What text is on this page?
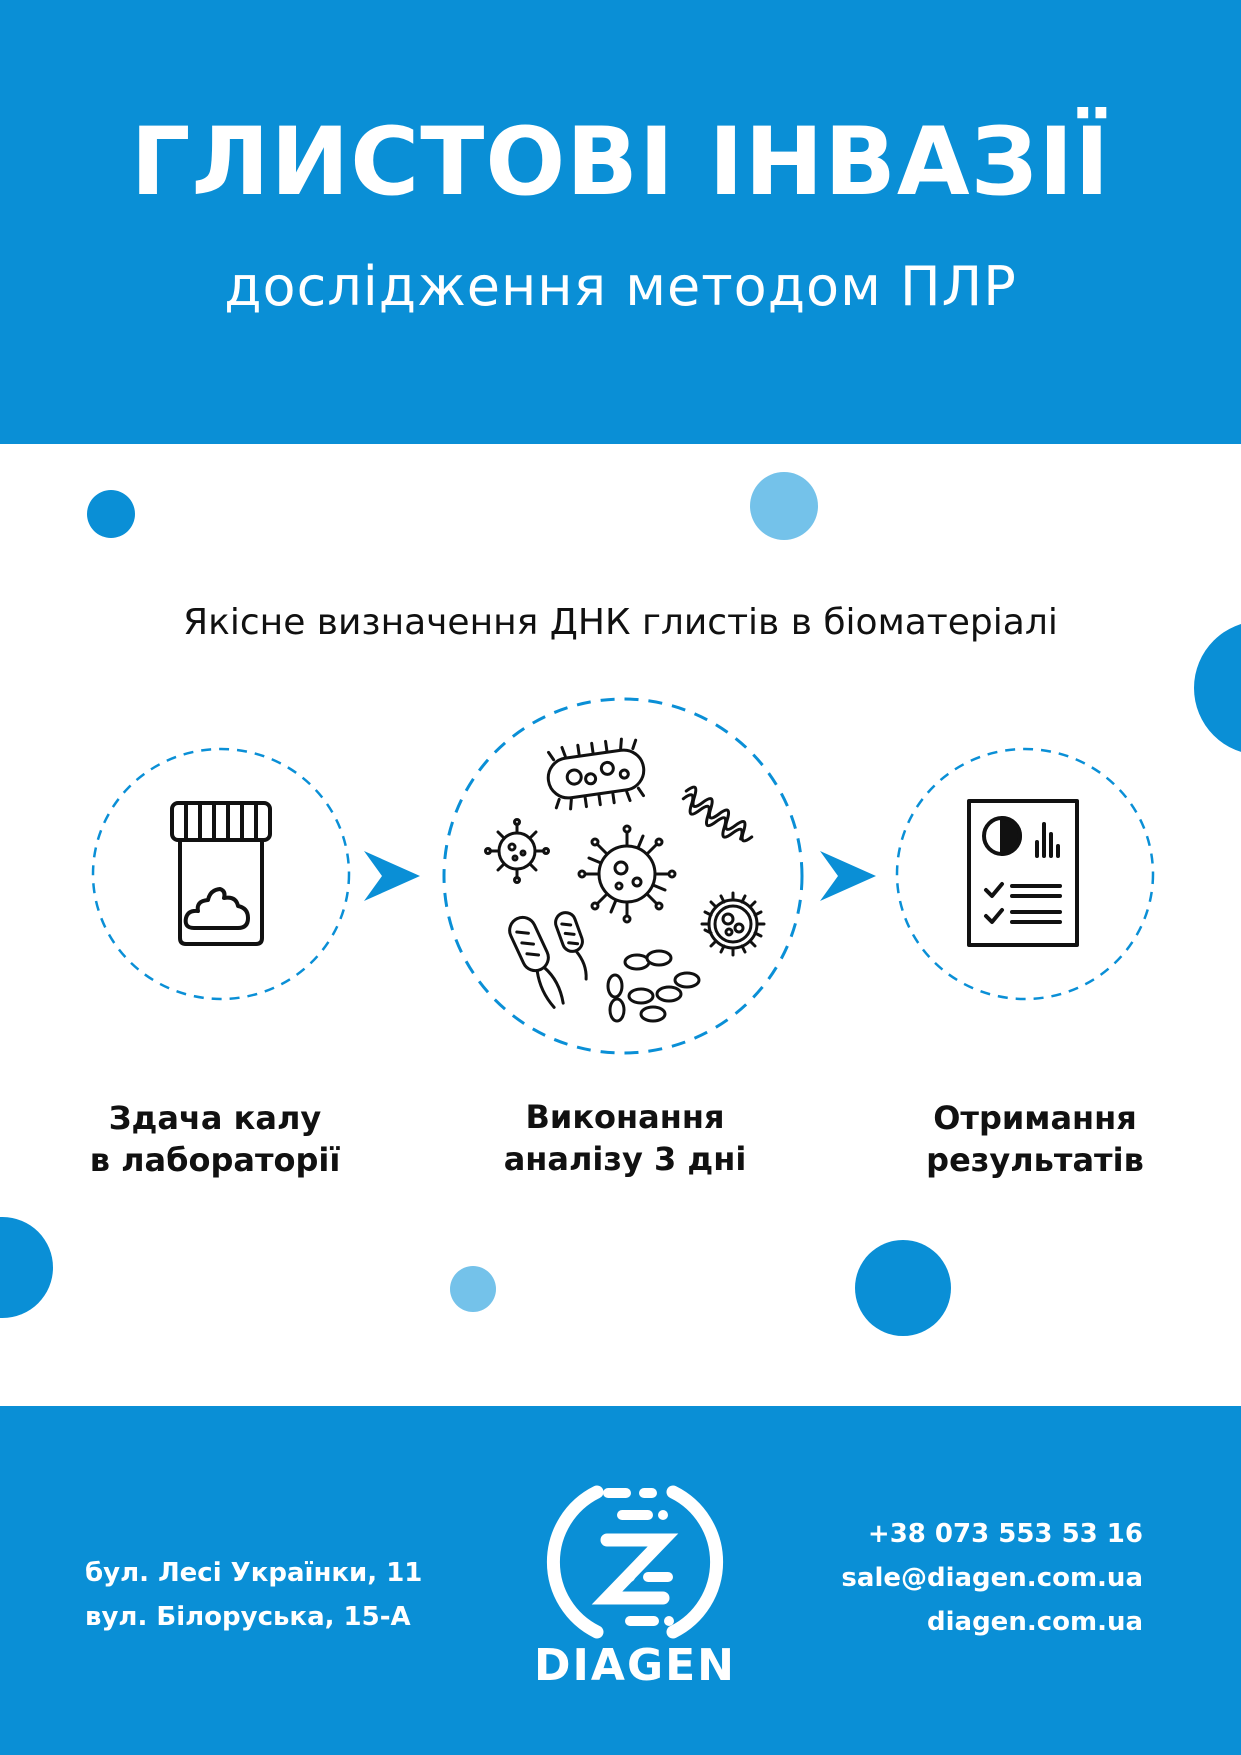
ГЛИСТОВІ ІНВАЗІЇ
дослідження методом ПЛР
Якісне визначення ДНК глистів в біоматеріалі
Здача калу
в лабораторії
Виконання
аналізу 3 дні
Отримання
результатів
бул. Лесі Українки, 11
вул. Білоруська, 15-А
DIAGEN
+38 073 553 53 16
sale@diagen.com.ua
diagen.com.ua
